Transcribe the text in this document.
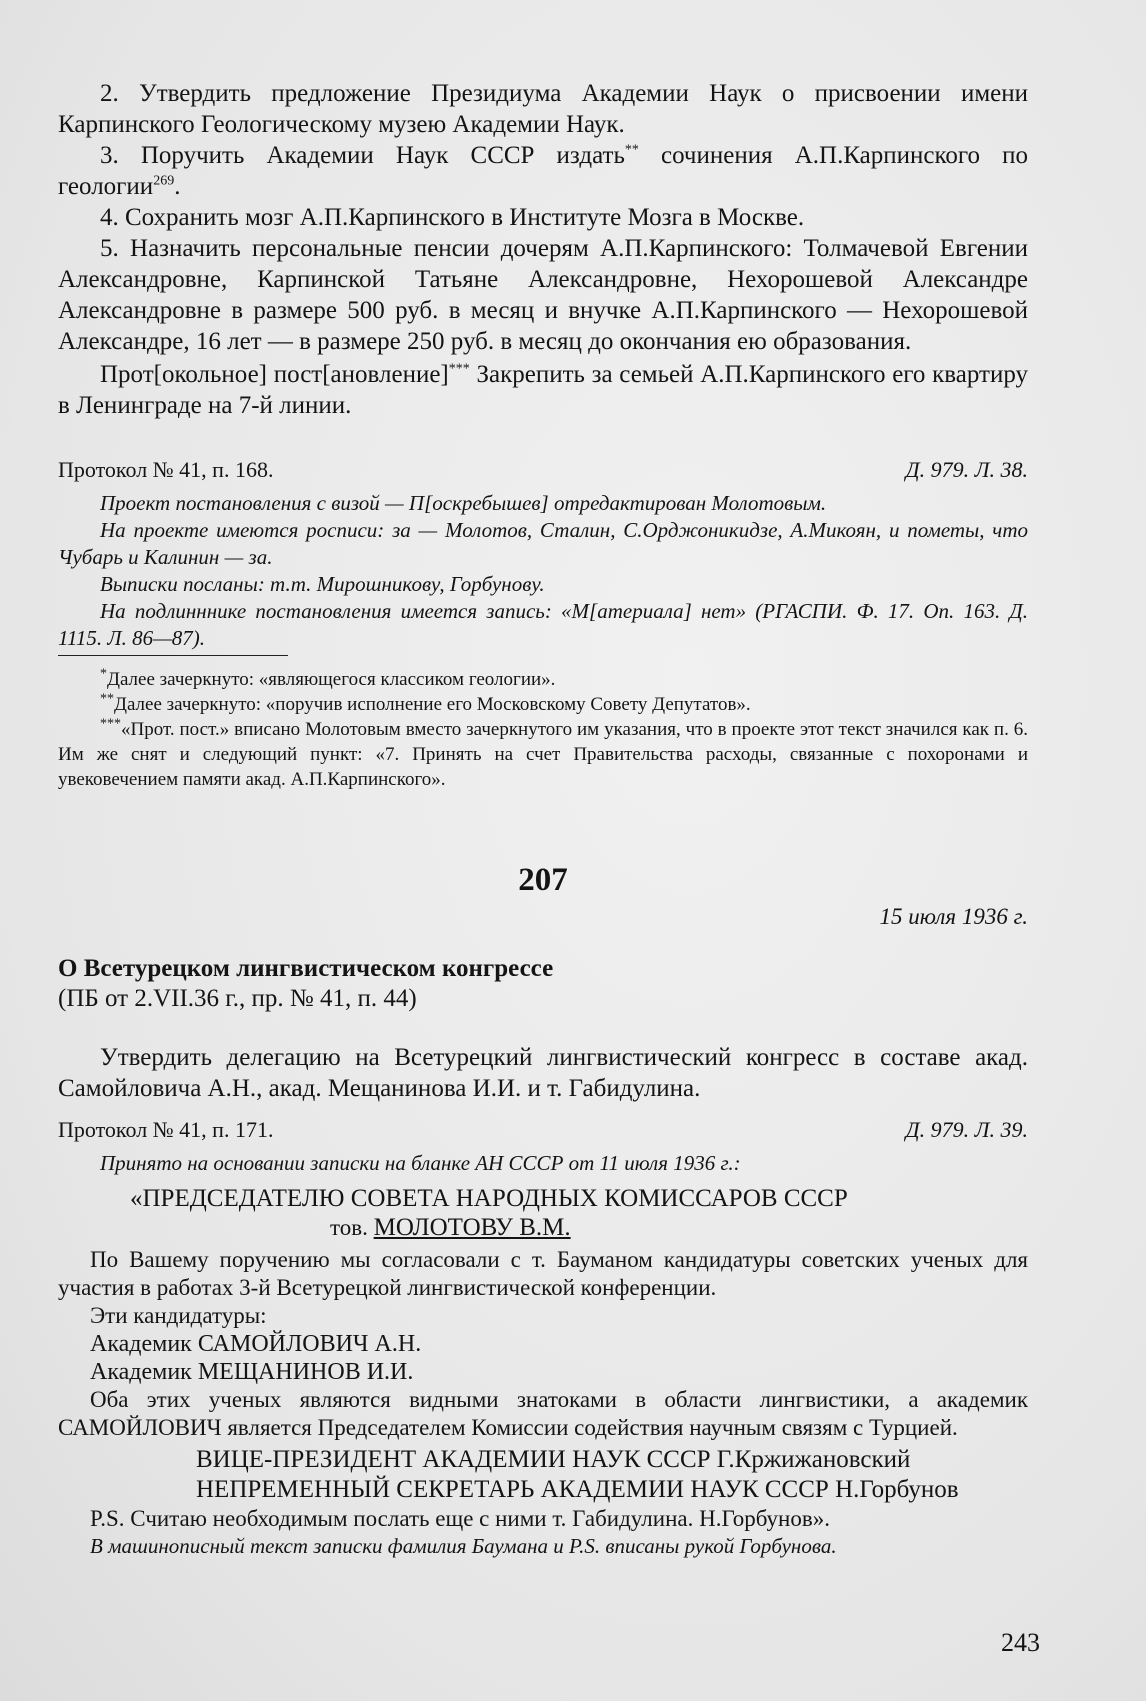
2. Утвердить предложение Президиума Академии Наук о присвоении имени Карпинского Геологическому музею Академии Наук.

3. Поручить Академии Наук СССР издать** сочинения А.П.Карпинского по геологии$^{269}$.

4. Сохранить мозг А.П.Карпинского в Институте Мозга в Москве.

5. Назначить персональные пенсии дочерям А.П.Карпинского: Толмачевой Евгении Александровне, Карпинской Татьяне Александровне, Нехорошевой Александре Александровне в размере 500 руб. в месяц и внучке А.П.Карпинского — Нехорошевой Александре, 16 лет — в размере 250 руб. в месяц до окончания ею образования.

Прот[окольное] пост[ановление]*** Закрепить за семьей А.П.Карпинского его квартиру в Ленинграде на 7-й линии.

Протокол № 41, п. 168.	Д. 979. Л. 38.

Проект постановления с визой — П[оскребышев] отредактирован Молотовым.

На проекте имеются росписи: за — Молотов, Сталин, С.Орджоникидзе, А.Микоян, и пометы, что Чубарь и Калинин — за.

Выписки посланы: т.т. Мирошникову, Горбунову.

На подлинннике постановления имеется запись: «М[атериала] нет» (РГАСПИ. Ф. 17. Оп. 163. Д. 1115. Л. 86—87).

*Далее зачеркнуто: «являющегося классиком геологии».

**Далее зачеркнуто: «поручив исполнение его Московскому Совету Депутатов».

***«Прот. пост.» вписано Молотовым вместо зачеркнутого им указания, что в проекте этот текст значился как п. 6. Им же снят и следующий пункт: «7. Принять на счет Правительства расходы, связанные с похоронами и увековечением памяти акад. А.П.Карпинского».

207
15 июля 1936 г.
О Всетурецком лингвистическом конгрессе
(ПБ от 2.VII.36 г., пр. № 41, п. 44)

Утвердить делегацию на Всетурецкий лингвистический конгресс в составе акад. Самойловича А.Н., акад. Мещанинова И.И. и т. Габидулина.

Протокол № 41, п. 171.	Д. 979. Л. 39.

Принято на основании записки на бланке АН СССР от 11 июля 1936 г.:

«ПРЕДСЕДАТЕЛЮ СОВЕТА НАРОДНЫХ КОМИССАРОВ СССР
тов. МОЛОТОВУ В.М.

По Вашему поручению мы согласовали с т. Бауманом кандидатуры советских ученых для участия в работах 3-й Всетурецкой лингвистической конференции.

Эти кандидатуры:

Академик САМОЙЛОВИЧ А.Н.

Академик МЕЩАНИНОВ И.И.

Оба этих ученых являются видными знатоками в области лингвистики, а академик САМОЙЛОВИЧ является Председателем Комиссии содействия научным связям с Турцией.

ВИЦЕ-ПРЕЗИДЕНТ АКАДЕМИИ НАУК СССР Г.Кржижановский
НЕПРЕМЕННЫЙ СЕКРЕТАРЬ АКАДЕМИИ НАУК СССР Н.Горбунов

P.S. Считаю необходимым послать еще с ними т. Габидулина. Н.Горбунов».

В машинописный текст записки фамилия Баумана и P.S. вписаны рукой Горбунова.

243
